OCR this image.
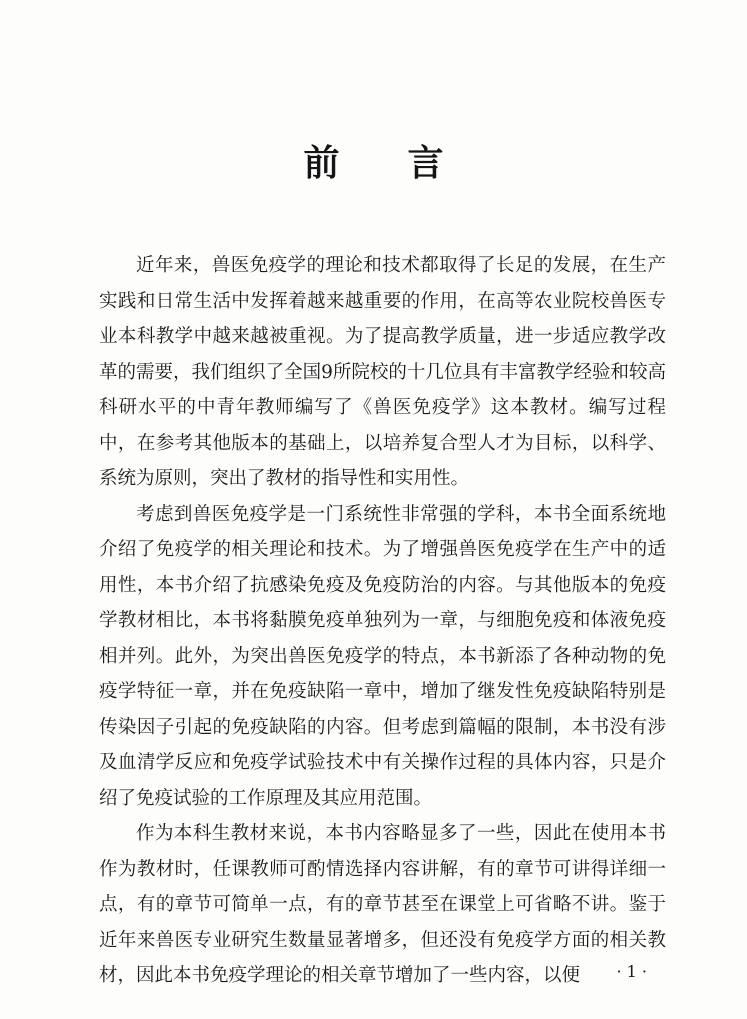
前 言

近年来，兽医免疫学的理论和技术都取得了长足的发展，在生产实践和日常生活中发挥着越来越重要的作用，在高等农业院校兽医专业本科教学中越来越被重视。为了提高教学质量，进一步适应教学改革的需要，我们组织了全国9所院校的十几位具有丰富教学经验和较高科研水平的中青年教师编写了《兽医免疫学》这本教材。编写过程中，在参考其他版本的基础上，以培养复合型人才为目标，以科学、系统为原则，突出了教材的指导性和实用性。

考虑到兽医免疫学是一门系统性非常强的学科，本书全面系统地介绍了免疫学的相关理论和技术。为了增强兽医免疫学在生产中的适用性，本书介绍了抗感染免疫及免疫防治的内容。与其他版本的免疫学教材相比，本书将黏膜免疫单独列为一章，与细胞免疫和体液免疫相并列。此外，为突出兽医免疫学的特点，本书新添了各种动物的免疫学特征一章，并在免疫缺陷一章中，增加了继发性免疫缺陷特别是传染因子引起的免疫缺陷的内容。但考虑到篇幅的限制，本书没有涉及血清学反应和免疫学试验技术中有关操作过程的具体内容，只是介绍了免疫试验的工作原理及其应用范围。

作为本科生教材来说，本书内容略显多了一些，因此在使用本书作为教材时，任课教师可酌情选择内容讲解，有的章节可讲得详细一点，有的章节可简单一点，有的章节甚至在课堂上可省略不讲。鉴于近年来兽医专业研究生数量显著增多，但还没有免疫学方面的相关教材，因此本书免疫学理论的相关章节增加了一些内容，以便	· 1 ·
